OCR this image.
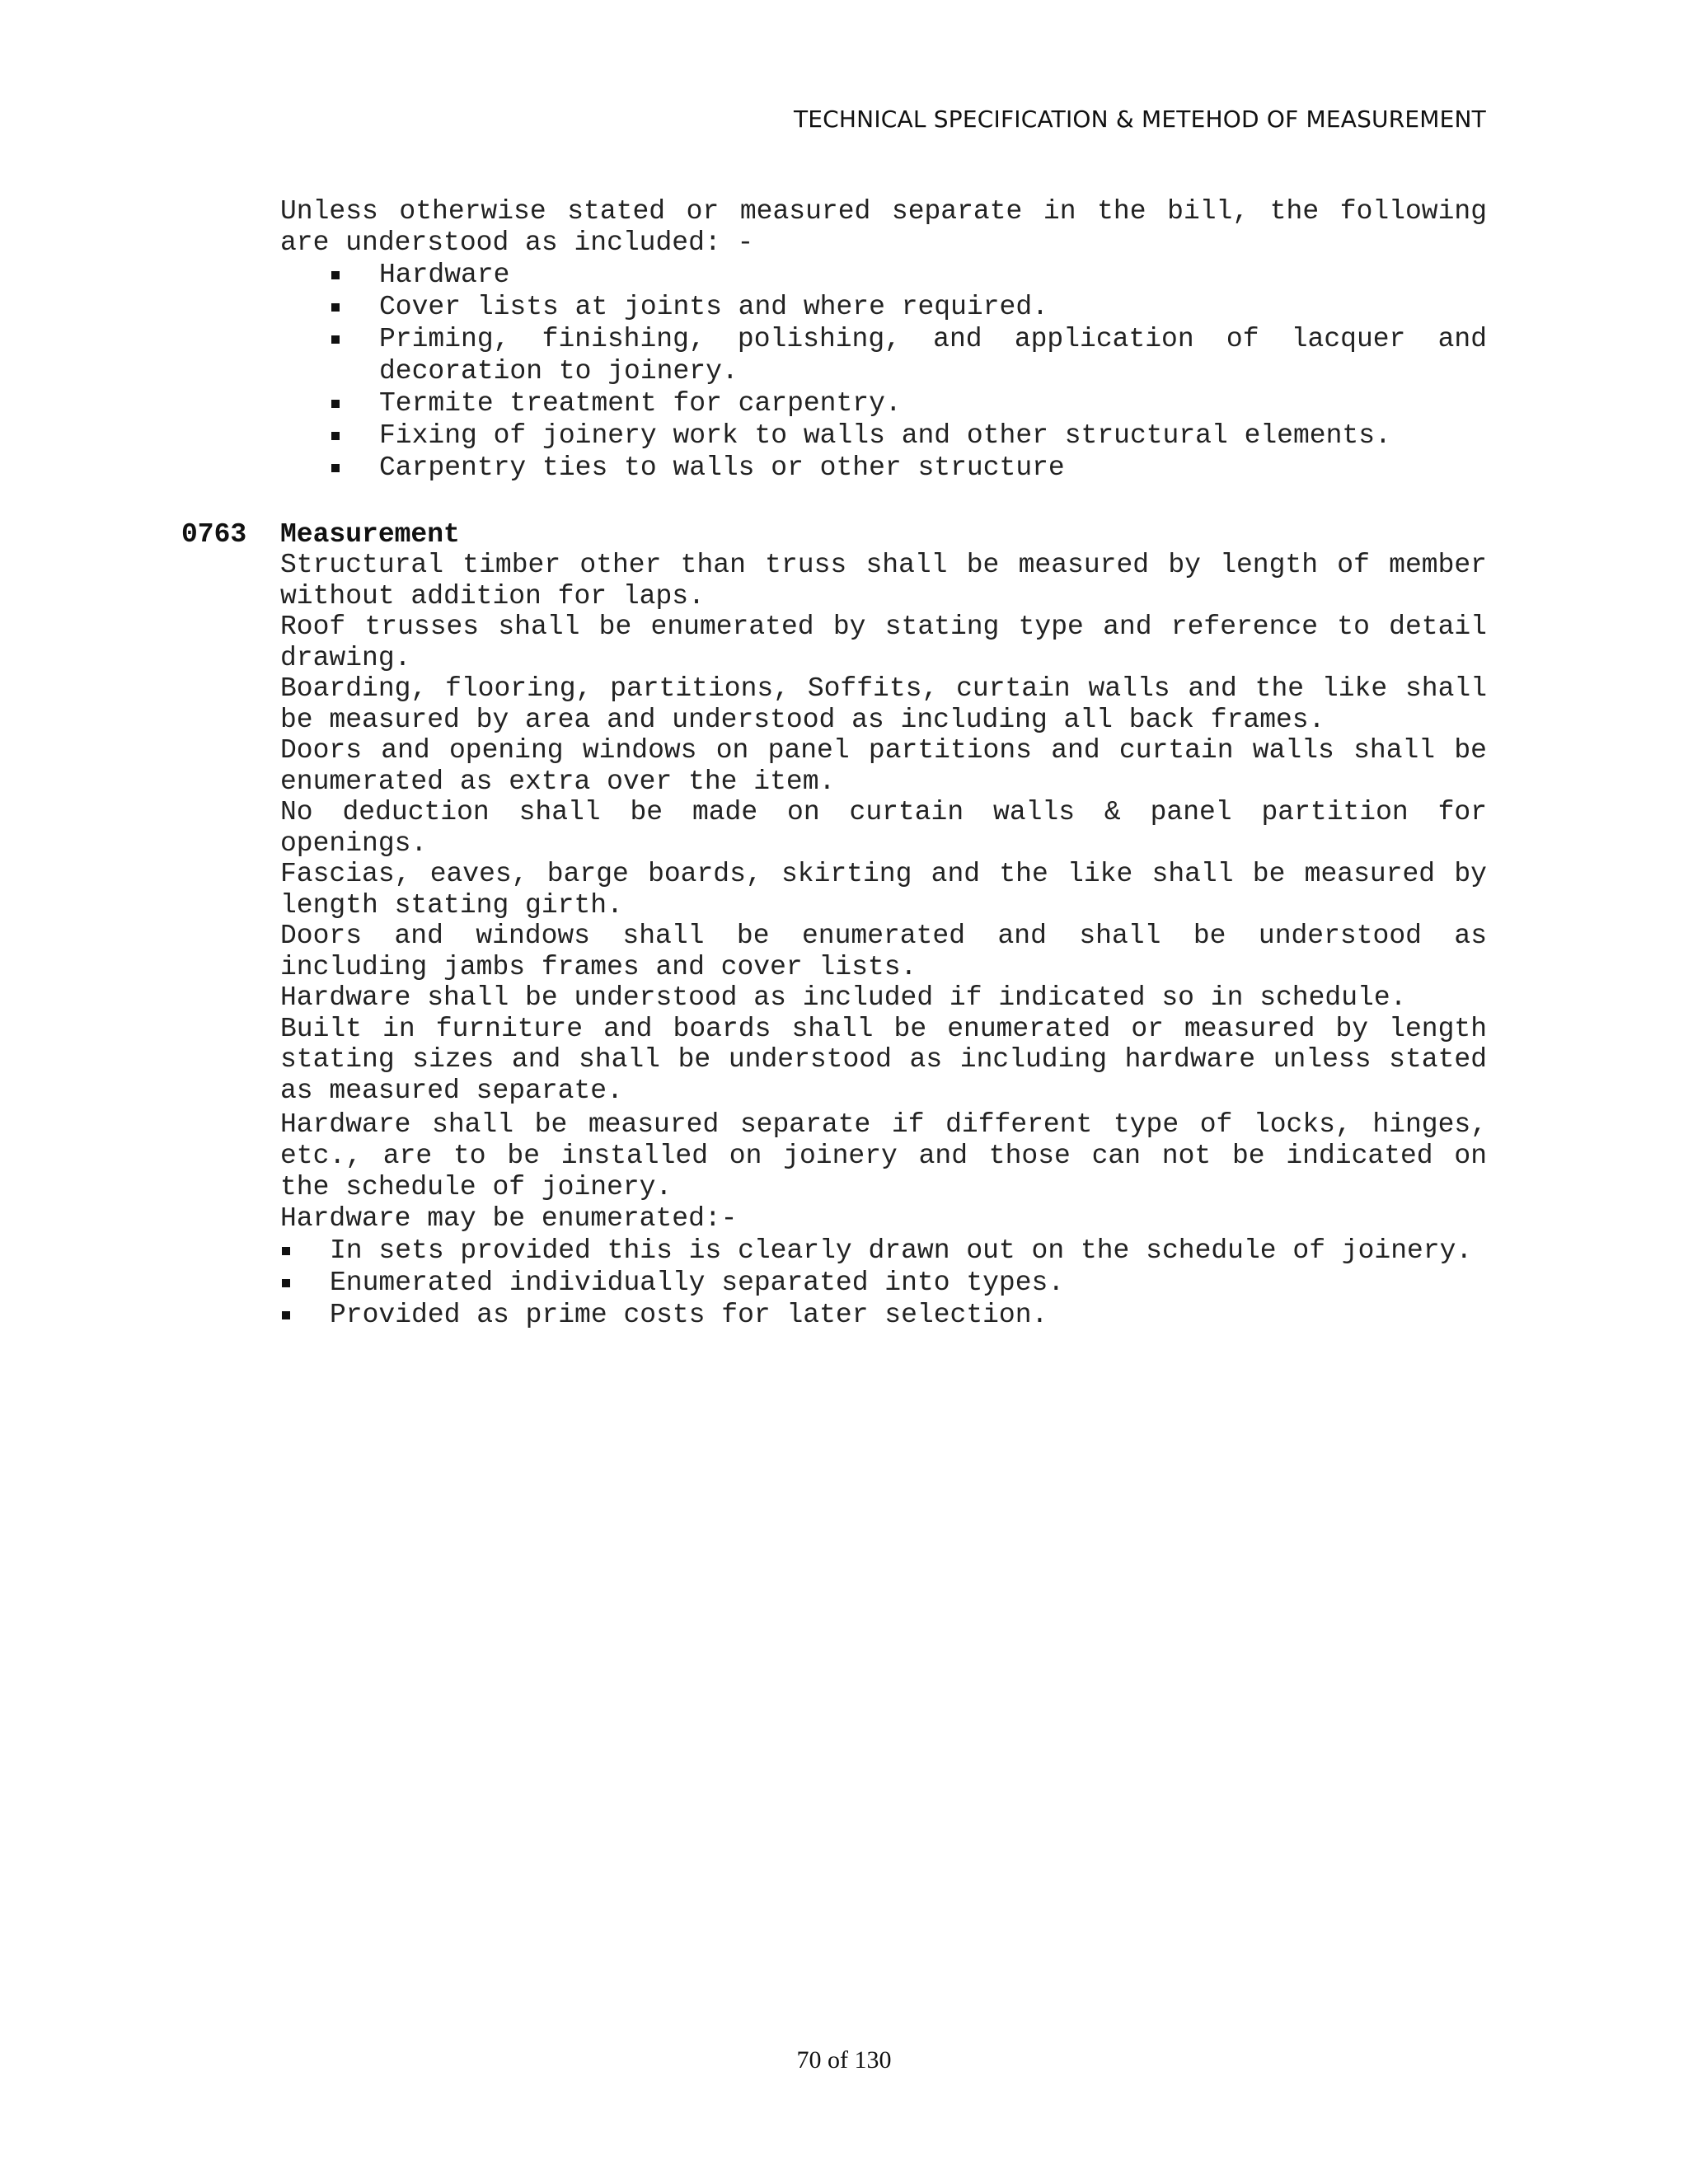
TECHNICAL SPECIFICATION & METEHOD OF MEASUREMENT

Unless otherwise stated or measured separate in the bill, the following are understood as included: -

Hardware
Cover lists at joints and where required.
Priming, finishing, polishing, and application of lacquer and decoration to joinery.
Termite treatment for carpentry.
Fixing of joinery work to walls and other structural elements.
Carpentry ties to walls or other structure
0763 Measurement

Structural timber other than truss shall be measured by length of member without addition for laps.

Roof trusses shall be enumerated by stating type and reference to detail drawing.

Boarding, flooring, partitions, Soffits, curtain walls and the like shall be measured by area and understood as including all back frames.

Doors and opening windows on panel partitions and curtain walls shall be enumerated as extra over the item.

No deduction shall be made on curtain walls & panel partition for openings.

Fascias, eaves, barge boards, skirting and the like shall be measured by length stating girth.

Doors and windows shall be enumerated and shall be understood as including jambs frames and cover lists.

Hardware shall be understood as included if indicated so in schedule.

Built in furniture and boards shall be enumerated or measured by length stating sizes and shall be understood as including hardware unless stated as measured separate.

Hardware shall be measured separate if different type of locks, hinges, etc., are to be installed on joinery and those can not be indicated on the schedule of joinery.

Hardware may be enumerated:-

In sets provided this is clearly drawn out on the schedule of joinery.
Enumerated individually separated into types.
Provided as prime costs for later selection.
70 of 130
